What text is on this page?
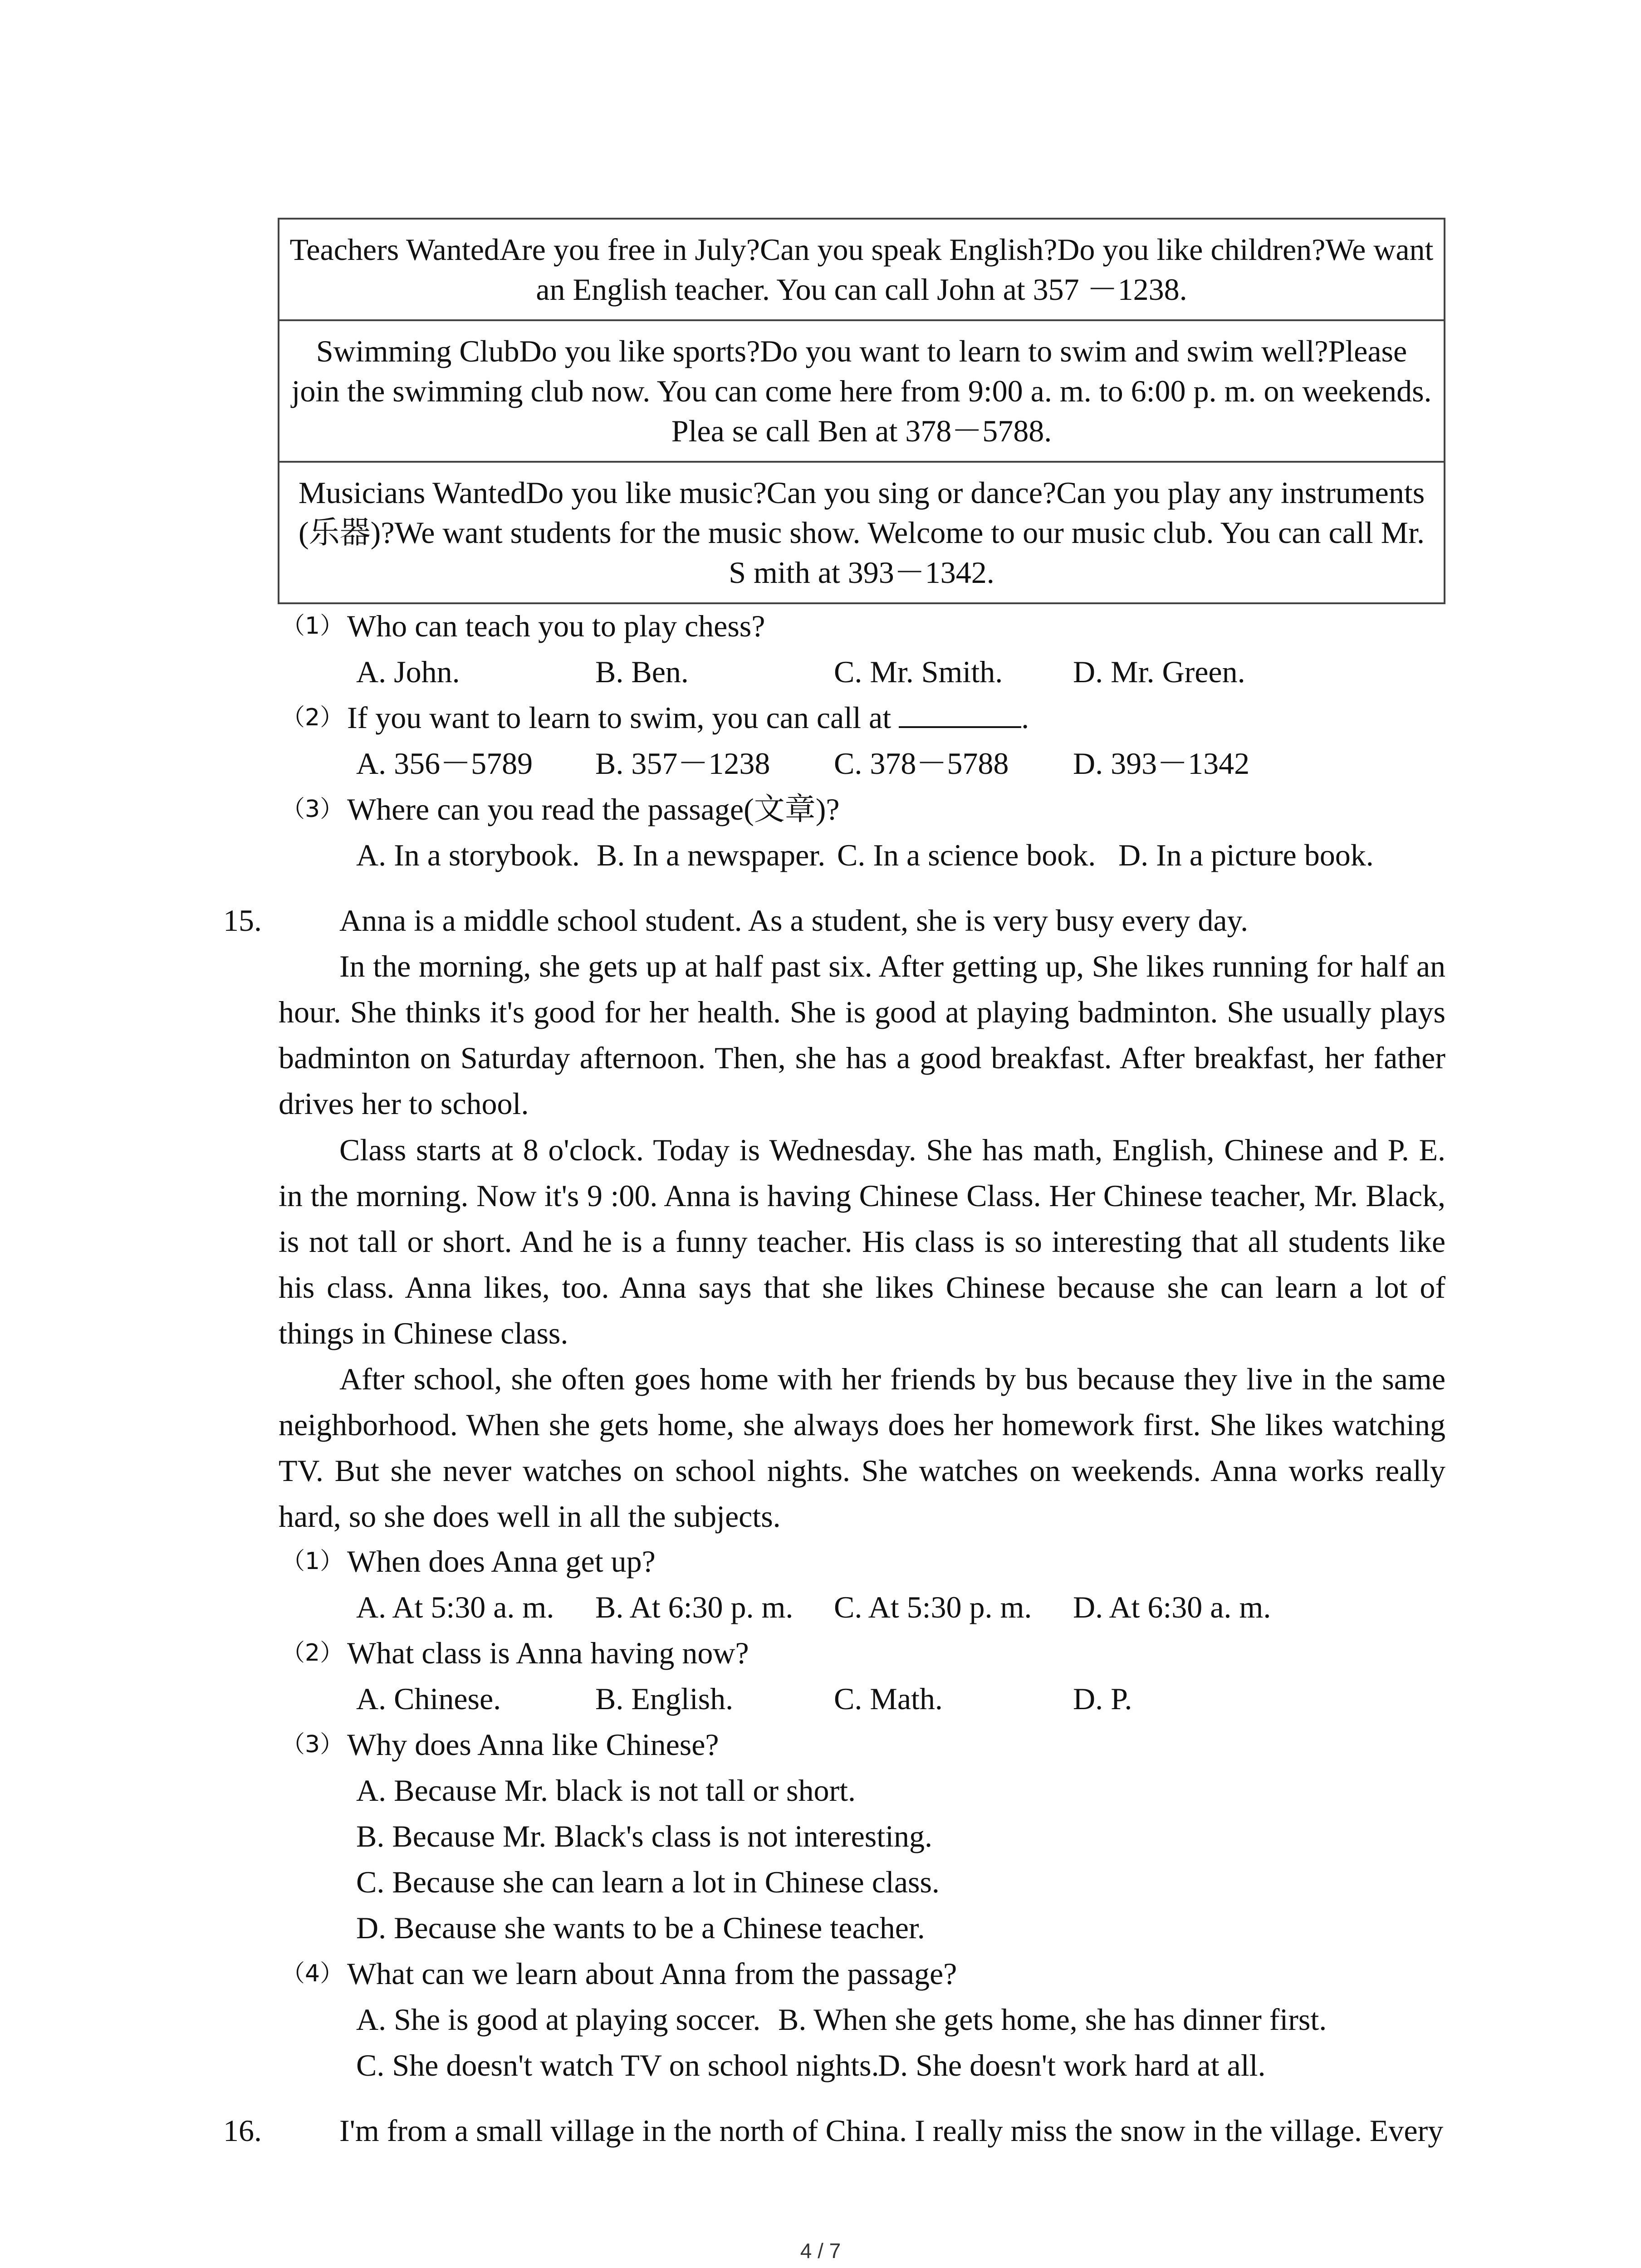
Teachers WantedAre you free in July?Can you speak English?Do you like children?We want an English teacher. You can call John at 357 －1238.
Swimming ClubDo you like sports?Do you want to learn to swim and swim well?Please join the swimming club now. You can come here from 9:00 a. m. to 6:00 p. m. on weekends. Plea se call Ben at 378－5788.
Musicians WantedDo you like music?Can you sing or dance?Can you play any instruments (乐器)?We want students for the music show. Welcome to our music club. You can call Mr. S mith at 393－1342.
（1） Who can teach you to play chess?
A. John.	B. Ben.	C. Mr. Smith. D. Mr. Green.
（2） If you want to learn to swim, you can call at	.
A. 356－5789 B. 357－1238 C. 378－5788 D. 393－1342
（3） Where can you read the passage(文章)?
A. In a storybook. B. In a newspaper. C. In a science book. D. In a picture book.
15.	Anna is a middle school student. As a student, she is very busy every day.
In the morning, she gets up at half past six. After getting up, She likes running for half an hour. She thinks it's good for her health. She is good at playing badminton. She usually plays badminton on Saturday afternoon. Then, she has a good breakfast. After breakfast, her father drives her to school.
Class starts at 8 o'clock. Today is Wednesday. She has math, English, Chinese and P. E. in the morning. Now it's 9 :00. Anna is having Chinese Class. Her Chinese teacher, Mr. Black, is not tall or short. And he is a funny teacher. His class is so interesting that all students like his class. Anna likes, too. Anna says that she likes Chinese because she can learn a lot of things in Chinese class.
After school, she often goes home with her friends by bus because they live in the same neighborhood. When she gets home, she always does her homework first. She likes watching TV. But she never watches on school nights. She watches on weekends. Anna works really hard, so she does well in all the subjects.
（1） When does Anna get up?
A. At 5:30 a. m. B. At 6:30 p. m. C. At 5:30 p. m. D. At 6:30 a. m.
（2） What class is Anna having now?
A. Chinese.	B. English.	C. Math.	D. P.
（3） Why does Anna like Chinese?
A. Because Mr. black is not tall or short.
B. Because Mr. Black's class is not interesting.
C. Because she can learn a lot in Chinese class.
D. Because she wants to be a Chinese teacher.
（4） What can we learn about Anna from the passage?
A. She is good at playing soccer. B. When she gets home, she has dinner first.
C. She doesn't watch TV on school nights.
D. She doesn't work hard at all.
16.	I'm from a small village in the north of China. I really miss the snow in the village. Every
4 / 7
